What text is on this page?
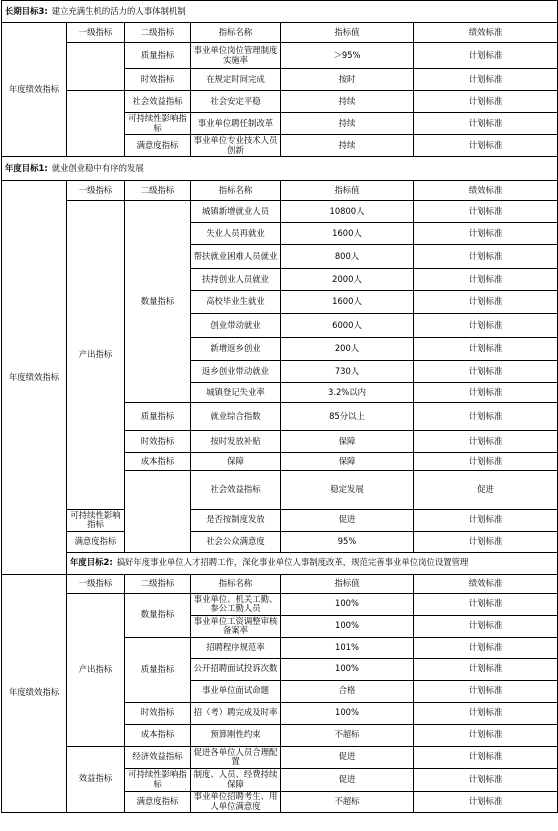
长期目标3: 建立充满生机的活力的人事体制机制						
年度绩效指标	一级指标	二级指标	指标名称	指标值	绩效标准	
		质量指标	事业单位岗位管理制度实施率	＞95%	计划标准	
		时效指标	在规定时间完成	按时	计划标准	
		社会效益指标	社会安定平稳	持续	计划标准	
		可持续性影响指标	事业单位聘任制改革	持续	计划标准	
		满意度指标	事业单位专业技术人员创新	持续	计划标准	
年度目标1: 就业创业稳中有序的发展						
年度绩效指标	一级指标	二级指标	指标名称	指标值	绩效标准	
	产出指标	数量指标	城镇新增就业人员	10800人	计划标准	
			失业人员再就业	1600人	计划标准	
			帮扶就业困难人员就业	800人	计划标准	
			扶持创业人员就业	2000人	计划标准	
			高校毕业生就业	1600人	计划标准	
			创业带动就业	6000人	计划标准	
			新增返乡创业	200人	计划标准	
			返乡创业带动就业	730人	计划标准	
			城镇登记失业率	3.2%以内	计划标准	
		质量指标	就业综合指数	85分以上	计划标准	
		时效指标	按时发放补贴	保障	计划标准	
		成本指标	保障	保障	计划标准	
			社会效益指标	稳定发展	促进	
	可持续性影响指标		是否按制度发放	促进	计划标准	
	满意度指标		社会公众满意度	95%	计划标准	
	年度目标2: 搞好年度事业单位人才招聘工作，深化事业单位人事制度改革，规范完善事业单位岗位设置管理					
年度绩效指标	一级指标	二级指标	指标名称	指标值	绩效标准	
	产出指标	数量指标	事业单位、机关工勤、参公工勤人员	100%	计划标准	
			事业单位工资调整审核备案率	100%	计划标准	
		质量指标	招聘程序规范率	101%	计划标准	
			公开招聘面试投诉次数	100%	计划标准	
			事业单位面试命题	合格	计划标准	
		时效指标	招（考）聘完成及时率	100%	计划标准	
		成本指标	预算刚性约束	不超标	计划标准	
	效益指标	经济效益指标	促进各单位人员合理配置	促进	计划标准	
		可持续性影响指标	制度、人员、经费持续保障	促进	计划标准	
		满意度指标	事业单位招聘考生、用人单位满意度	不超标	计划标准	
